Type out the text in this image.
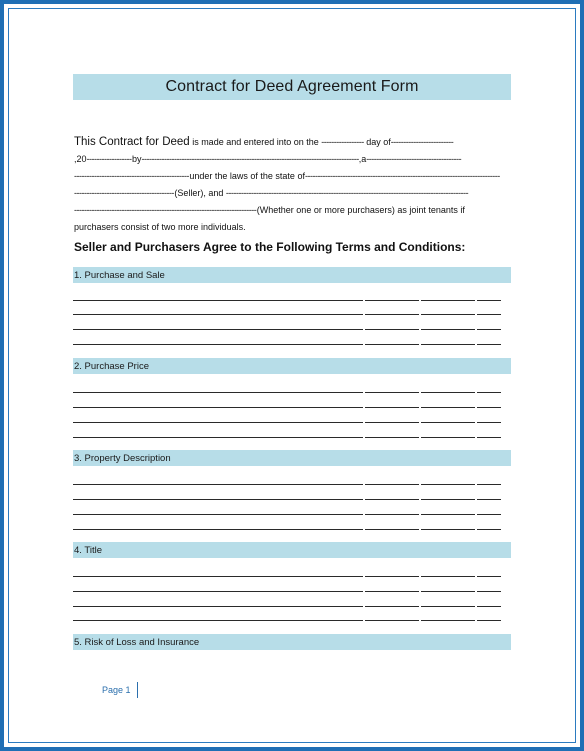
Contract for Deed Agreement Form
This Contract for Deed is made and entered into on the ----------------- day of-------------------------
,20------------------by---------------------------------------------------------------------------------------,a--------------------------------------
----------------------------------------------under the laws of the state of------------------------------------------------------------------------------
----------------------------------------(Seller), and -------------------------------------------------------------------------------------------------
-------------------------------------------------------------------------(Whether one or more purchasers) as joint tenants if
purchasers consist of two more individuals.
Seller and Purchasers Agree to the Following Terms and Conditions:
1. Purchase and Sale
2. Purchase Price
3. Property Description
4. Title
5. Risk of Loss and Insurance
Page 1
